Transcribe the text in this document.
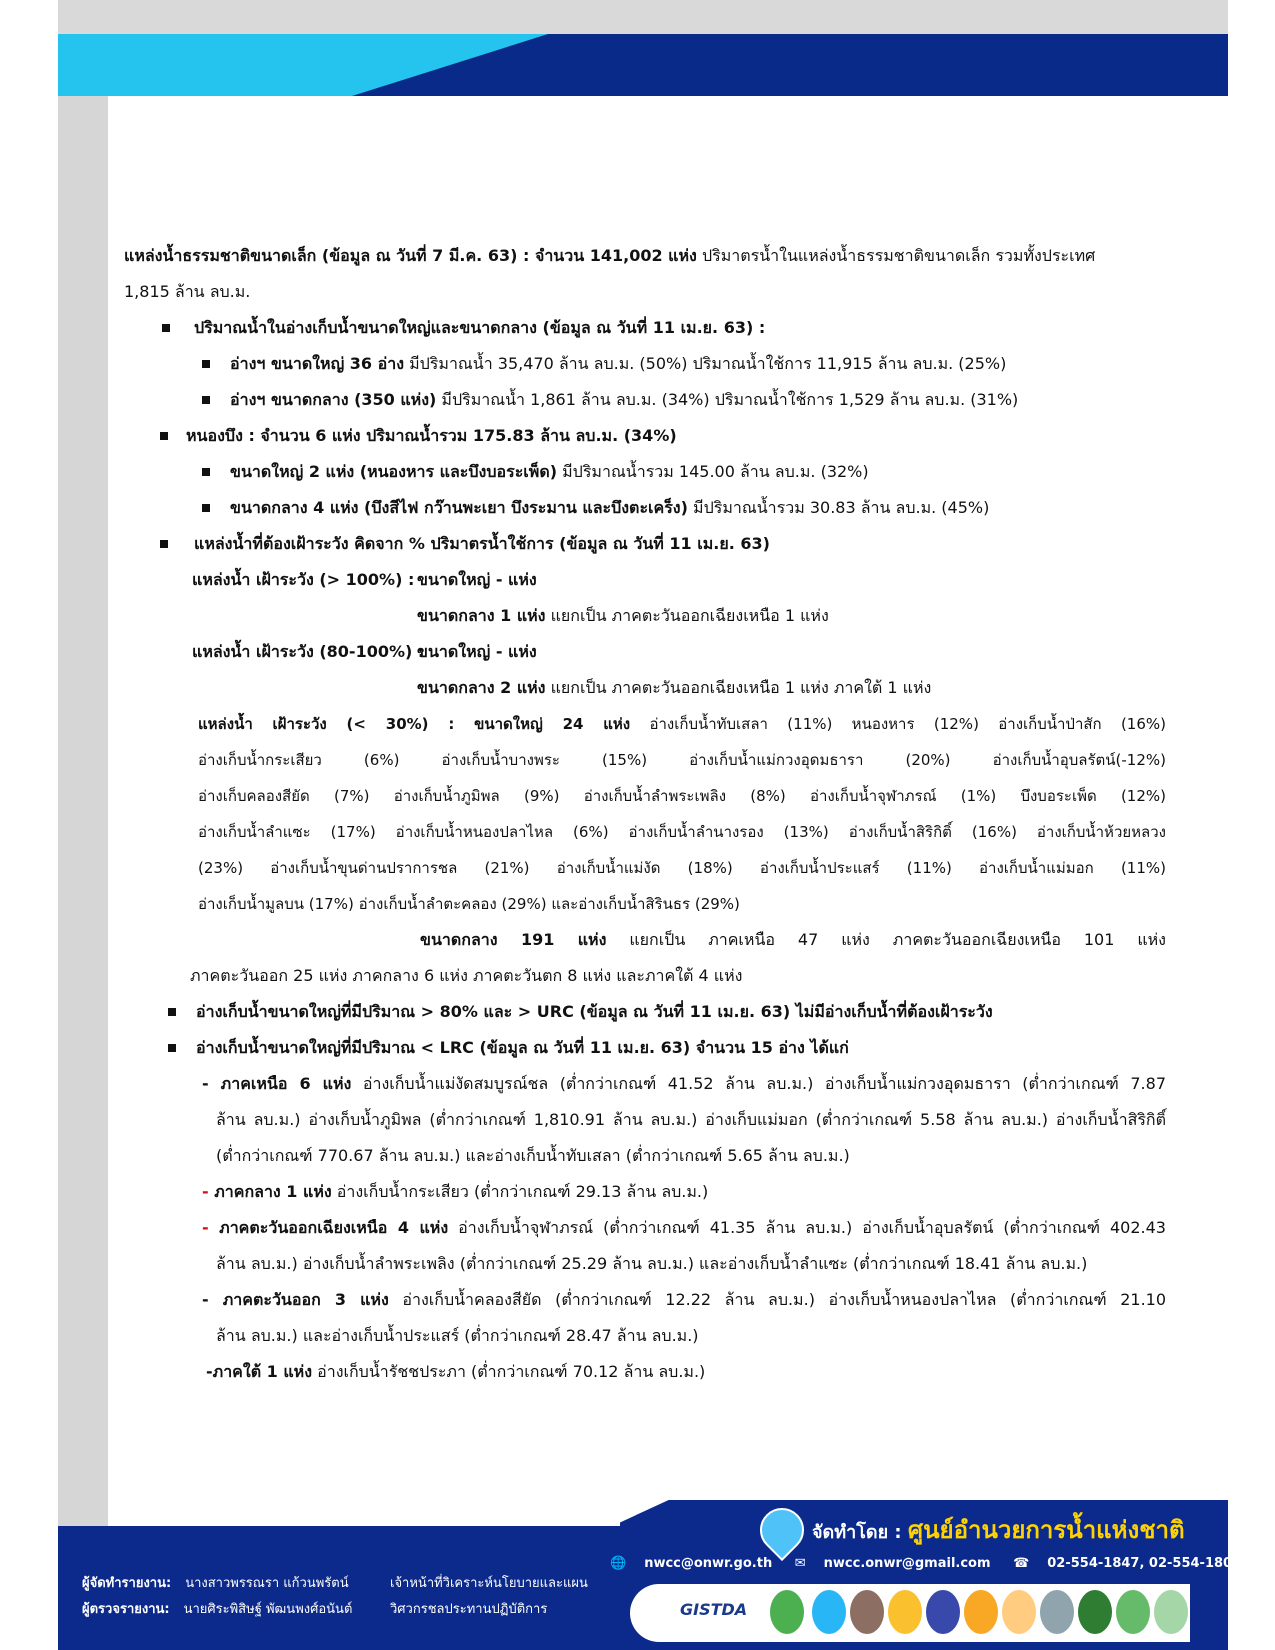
แหล่งน้ำธรรมชาติขนาดเล็ก (ข้อมูล ณ วันที่ 7 มี.ค. 63) : จำนวน 141,002 แห่ง ปริมาตรน้ำในแหล่งน้ำธรรมชาติขนาดเล็ก รวมทั้งประเทศ
1,815 ล้าน ลบ.ม.
ปริมาณน้ำในอ่างเก็บน้ำขนาดใหญ่และขนาดกลาง (ข้อมูล ณ วันที่ 11 เม.ย. 63) :
อ่างฯ ขนาดใหญ่ 36 อ่าง มีปริมาณน้ำ 35,470 ล้าน ลบ.ม. (50%) ปริมาณน้ำใช้การ 11,915 ล้าน ลบ.ม. (25%)
อ่างฯ ขนาดกลาง (350 แห่ง) มีปริมาณน้ำ 1,861 ล้าน ลบ.ม. (34%) ปริมาณน้ำใช้การ 1,529 ล้าน ลบ.ม. (31%)
หนองบึง : จำนวน 6 แห่ง ปริมาณน้ำรวม 175.83 ล้าน ลบ.ม. (34%)
ขนาดใหญ่ 2 แห่ง (หนองหาร และบึงบอระเพ็ด) มีปริมาณน้ำรวม 145.00 ล้าน ลบ.ม. (32%)
ขนาดกลาง 4 แห่ง (บึงสีไฟ กว๊านพะเยา บึงระมาน และบึงตะเคร็ง) มีปริมาณน้ำรวม 30.83 ล้าน ลบ.ม. (45%)
แหล่งน้ำที่ต้องเฝ้าระวัง คิดจาก % ปริมาตรน้ำใช้การ (ข้อมูล ณ วันที่ 11 เม.ย. 63)
แหล่งน้ำ เฝ้าระวัง (> 100%) : ขนาดใหญ่ - แห่ง
ขนาดกลาง 1 แห่ง แยกเป็น ภาคตะวันออกเฉียงเหนือ 1 แห่ง
แหล่งน้ำ เฝ้าระวัง (80-100%) :ขนาดใหญ่ - แห่ง
ขนาดกลาง 2 แห่ง แยกเป็น ภาคตะวันออกเฉียงเหนือ 1 แห่ง ภาคใต้ 1 แห่ง
แหล่งน้ำ เฝ้าระวัง (< 30%) : ขนาดใหญ่ 24 แห่ง อ่างเก็บน้ำทับเสลา (11%) หนองหาร (12%) อ่างเก็บน้ำป่าสัก (16%)
อ่างเก็บน้ำกระเสียว (6%) อ่างเก็บน้ำบางพระ (15%) อ่างเก็บน้ำแม่กวงอุดมธารา (20%) อ่างเก็บน้ำอุบลรัตน์(-12%)
อ่างเก็บคลองสียัด (7%) อ่างเก็บน้ำภูมิพล (9%) อ่างเก็บน้ำลำพระเพลิง (8%) อ่างเก็บน้ำจุฬาภรณ์ (1%) บึงบอระเพ็ด (12%)
อ่างเก็บน้ำลำแซะ (17%) อ่างเก็บน้ำหนองปลาไหล (6%) อ่างเก็บน้ำลำนางรอง (13%) อ่างเก็บน้ำสิริกิติ์ (16%) อ่างเก็บน้ำห้วยหลวง
(23%) อ่างเก็บน้ำขุนด่านปราการชล (21%) อ่างเก็บน้ำแม่งัด (18%) อ่างเก็บน้ำประแสร์ (11%) อ่างเก็บน้ำแม่มอก (11%)
อ่างเก็บน้ำมูลบน (17%) อ่างเก็บน้ำลำตะคลอง (29%) และอ่างเก็บน้ำสิรินธร (29%)
ขนาดกลาง 191 แห่ง แยกเป็น ภาคเหนือ 47 แห่ง ภาคตะวันออกเฉียงเหนือ 101 แห่ง
ภาคตะวันออก 25 แห่ง ภาคกลาง 6 แห่ง ภาคตะวันตก 8 แห่ง และภาคใต้ 4 แห่ง
อ่างเก็บน้ำขนาดใหญ่ที่มีปริมาณ > 80% และ > URC (ข้อมูล ณ วันที่ 11 เม.ย. 63) ไม่มีอ่างเก็บน้ำที่ต้องเฝ้าระวัง
อ่างเก็บน้ำขนาดใหญ่ที่มีปริมาณ < LRC (ข้อมูล ณ วันที่ 11 เม.ย. 63) จำนวน 15 อ่าง ได้แก่
- ภาคเหนือ 6 แห่ง อ่างเก็บน้ำแม่งัดสมบูรณ์ชล (ต่ำกว่าเกณฑ์ 41.52 ล้าน ลบ.ม.) อ่างเก็บน้ำแม่กวงอุดมธารา (ต่ำกว่าเกณฑ์ 7.87
ล้าน ลบ.ม.) อ่างเก็บน้ำภูมิพล (ต่ำกว่าเกณฑ์ 1,810.91 ล้าน ลบ.ม.) อ่างเก็บแม่มอก (ต่ำกว่าเกณฑ์ 5.58 ล้าน ลบ.ม.) อ่างเก็บน้ำสิริกิติ์
(ต่ำกว่าเกณฑ์ 770.67 ล้าน ลบ.ม.) และอ่างเก็บน้ำทับเสลา (ต่ำกว่าเกณฑ์ 5.65 ล้าน ลบ.ม.)
- ภาคกลาง 1 แห่ง อ่างเก็บน้ำกระเสียว (ต่ำกว่าเกณฑ์ 29.13 ล้าน ลบ.ม.)
- ภาคตะวันออกเฉียงเหนือ 4 แห่ง อ่างเก็บน้ำจุฬาภรณ์ (ต่ำกว่าเกณฑ์ 41.35 ล้าน ลบ.ม.) อ่างเก็บน้ำอุบลรัตน์ (ต่ำกว่าเกณฑ์ 402.43
ล้าน ลบ.ม.) อ่างเก็บน้ำลำพระเพลิง (ต่ำกว่าเกณฑ์ 25.29 ล้าน ลบ.ม.) และอ่างเก็บน้ำลำแซะ (ต่ำกว่าเกณฑ์ 18.41 ล้าน ลบ.ม.)
- ภาคตะวันออก 3 แห่ง อ่างเก็บน้ำคลองสียัด (ต่ำกว่าเกณฑ์ 12.22 ล้าน ลบ.ม.) อ่างเก็บน้ำหนองปลาไหล (ต่ำกว่าเกณฑ์ 21.10
ล้าน ลบ.ม.) และอ่างเก็บน้ำประแสร์ (ต่ำกว่าเกณฑ์ 28.47 ล้าน ลบ.ม.)
-ภาคใต้ 1 แห่ง อ่างเก็บน้ำรัชชประภา (ต่ำกว่าเกณฑ์ 70.12 ล้าน ลบ.ม.)
จัดทำโดย : ศูนย์อำนวยการน้ำแห่งชาติ
🌐 nwcc@onwr.go.th ✉ nwcc.onwr@gmail.com ☎ 02-554-1847, 02-554-1800
ผู้จัดทำรายงาน: นางสาวพรรณรา แก้วนพรัตน์	เจ้าหน้าที่วิเคราะห์นโยบายและแผน
ผู้ตรวจรายงาน: นายศิระพิสิษฐ์ พัฒนพงศ์อนันต์	วิศวกรชลประทานปฏิบัติการ	GISTDA
